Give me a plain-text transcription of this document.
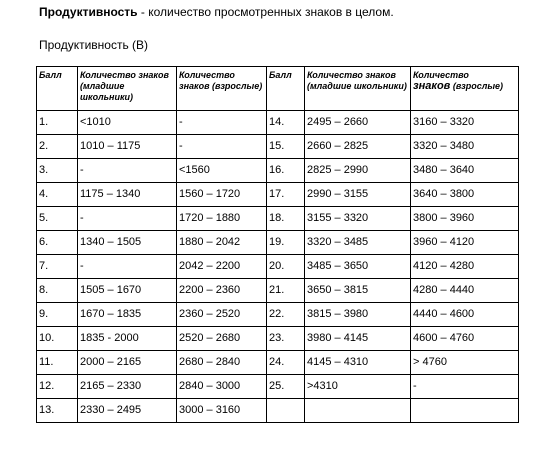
Продуктивность - количество просмотренных знаков в целом.
Продуктивность (В)
Балл	Количество знаков (младшие школьники)	Количество знаков (взрослые)	Балл	Количество знаков (младшие школьники)	Количество
знаков (взрослые)
1.	<1010	-	14.	2495 – 2660	3160 – 3320
2.	1010 – 1175	-	15.	2660 – 2825	3320 – 3480
3.	-	<1560	16.	2825 – 2990	3480 – 3640
4.	1175 – 1340	1560 – 1720	17.	2990 – 3155	3640 – 3800
5.	-	1720 – 1880	18.	3155 – 3320	3800 – 3960
6.	1340 – 1505	1880 – 2042	19.	3320 – 3485	3960 – 4120
7.	-	2042 – 2200	20.	3485 – 3650	4120 – 4280
8.	1505 – 1670	2200 – 2360	21.	3650 – 3815	4280 – 4440
9.	1670 – 1835	2360 – 2520	22.	3815 – 3980	4440 – 4600
10.	1835 - 2000	2520 – 2680	23.	3980 – 4145	4600 – 4760
11.	2000 – 2165	2680 – 2840	24.	4145 – 4310	> 4760
12.	2165 – 2330	2840 – 3000	25.	>4310	-
13.	2330 – 2495	3000 – 3160			
